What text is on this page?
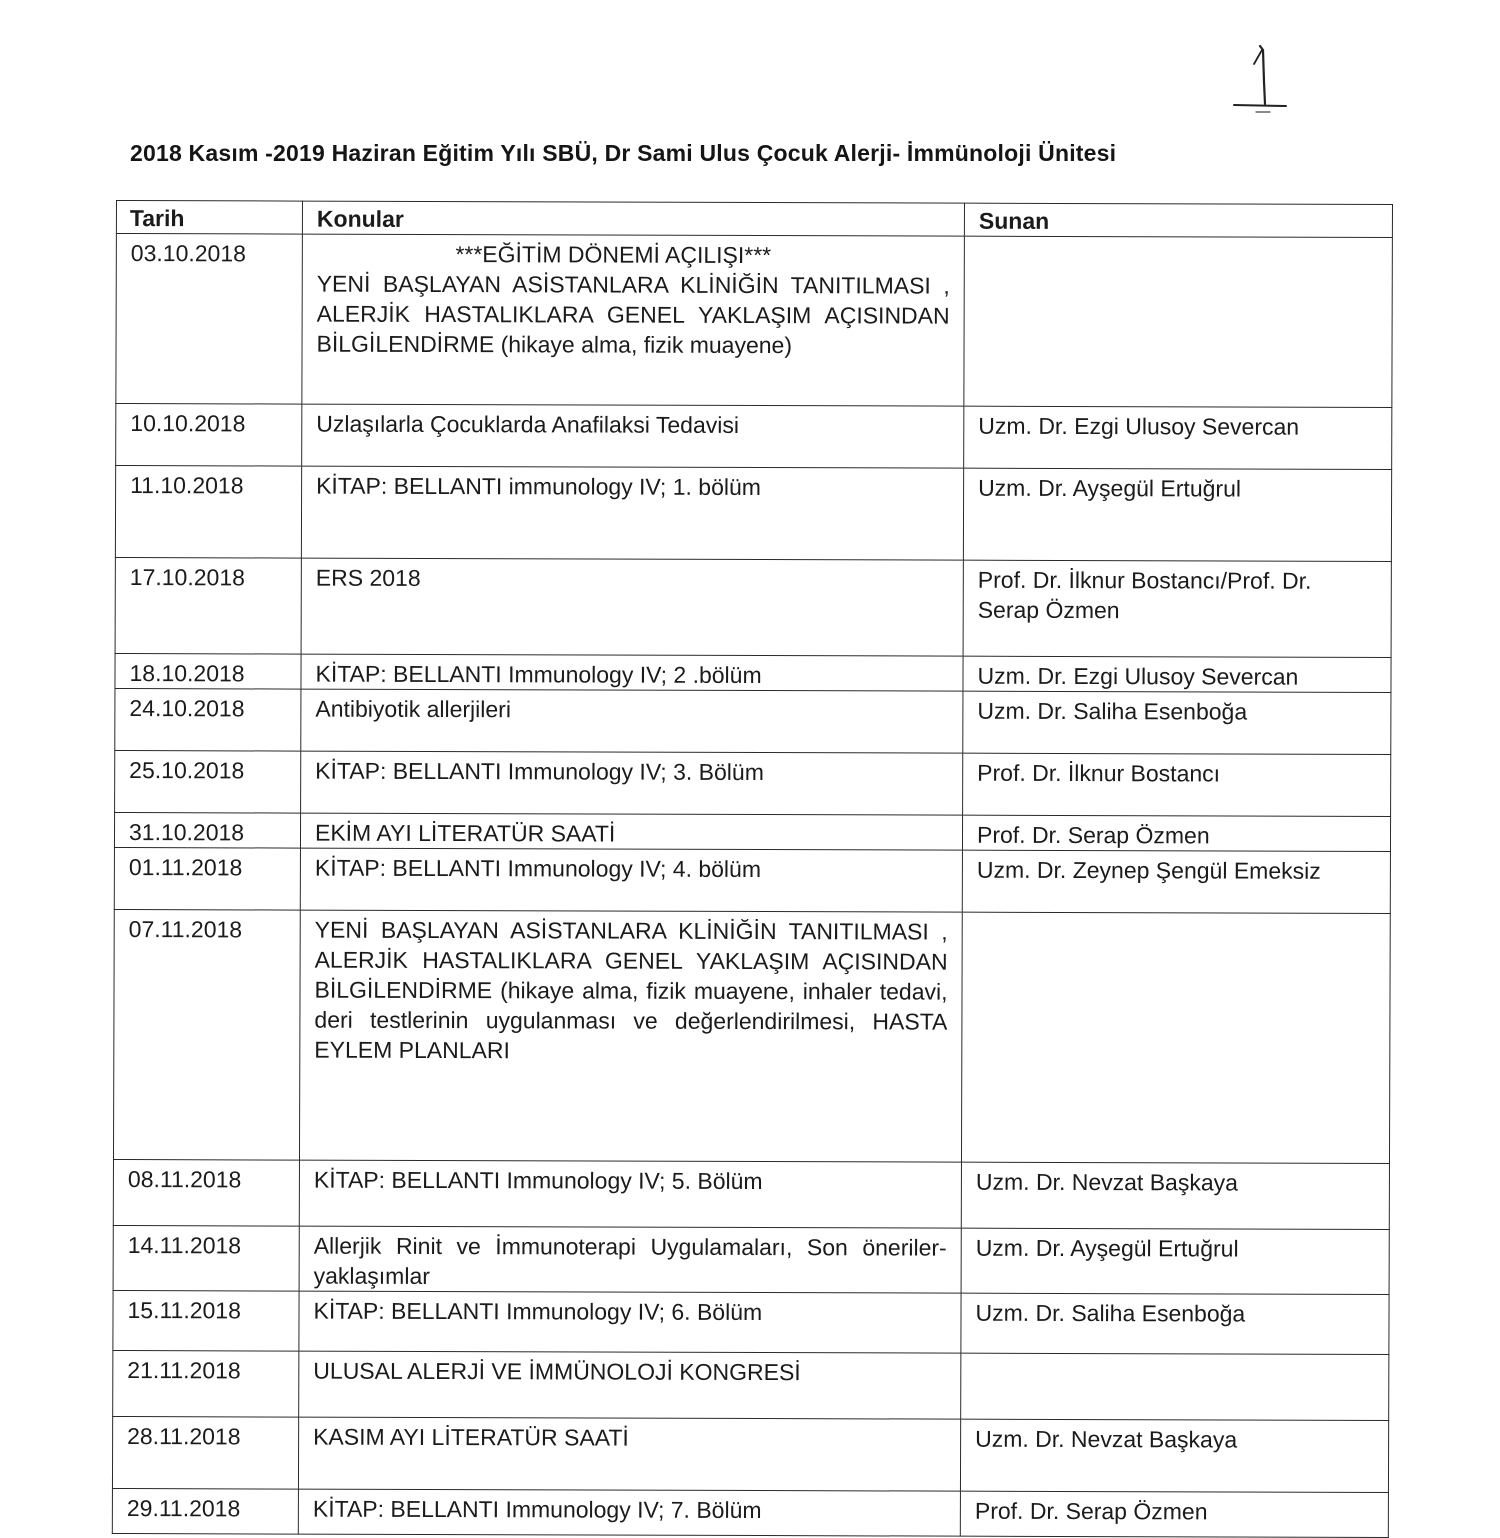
2018 Kasım -2019 Haziran Eğitim Yılı SBÜ, Dr Sami Ulus Çocuk Alerji- İmmünoloji Ünitesi
Tarih	Konular	Sunan
03.10.2018	***EĞİTİM DÖNEMİ AÇILIŞI***
YENİ BAŞLAYAN ASİSTANLARA KLİNİĞİN TANITILMASI , ALERJİK HASTALIKLARA GENEL YAKLAŞIM AÇISINDAN BİLGİLENDİRME (hikaye alma, fizik muayene)	

10.10.2018	Uzlaşılarla Çocuklarda Anafilaksi Tedavisi	Uzm. Dr. Ezgi Ulusoy Severcan
11.10.2018	KİTAP: BELLANTI immunology IV; 1. bölüm	Uzm. Dr. Ayşegül Ertuğrul
17.10.2018	ERS 2018	Prof. Dr. İlknur Bostancı/Prof. Dr. Serap Özmen
18.10.2018	KİTAP: BELLANTI Immunology IV; 2 .bölüm	Uzm. Dr. Ezgi Ulusoy Severcan
24.10.2018	Antibiyotik allerjileri	Uzm. Dr. Saliha Esenboğa
25.10.2018	KİTAP: BELLANTI Immunology IV; 3. Bölüm	Prof. Dr. İlknur Bostancı
31.10.2018	EKİM AYI LİTERATÜR SAATİ	Prof. Dr. Serap Özmen
01.11.2018	KİTAP: BELLANTI Immunology IV; 4. bölüm	Uzm. Dr. Zeynep Şengül Emeksiz
07.11.2018	YENİ BAŞLAYAN ASİSTANLARA KLİNİĞİN TANITILMASI , ALERJİK HASTALIKLARA GENEL YAKLAŞIM AÇISINDAN BİLGİLENDİRME (hikaye alma, fizik muayene, inhaler tedavi, deri testlerinin uygulanması ve değerlendirilmesi, HASTA EYLEM PLANLARI	
08.11.2018	KİTAP: BELLANTI Immunology IV; 5. Bölüm	Uzm. Dr. Nevzat Başkaya
14.11.2018	Allerjik Rinit ve İmmunoterapi Uygulamaları, Son öneriler-yaklaşımlar	Uzm. Dr. Ayşegül Ertuğrul
15.11.2018	KİTAP: BELLANTI Immunology IV; 6. Bölüm	Uzm. Dr. Saliha Esenboğa
21.11.2018	ULUSAL ALERJİ VE İMMÜNOLOJİ KONGRESİ	
28.11.2018	KASIM AYI LİTERATÜR SAATİ	Uzm. Dr. Nevzat Başkaya
29.11.2018	KİTAP: BELLANTI Immunology IV; 7. Bölüm	Prof. Dr. Serap Özmen
